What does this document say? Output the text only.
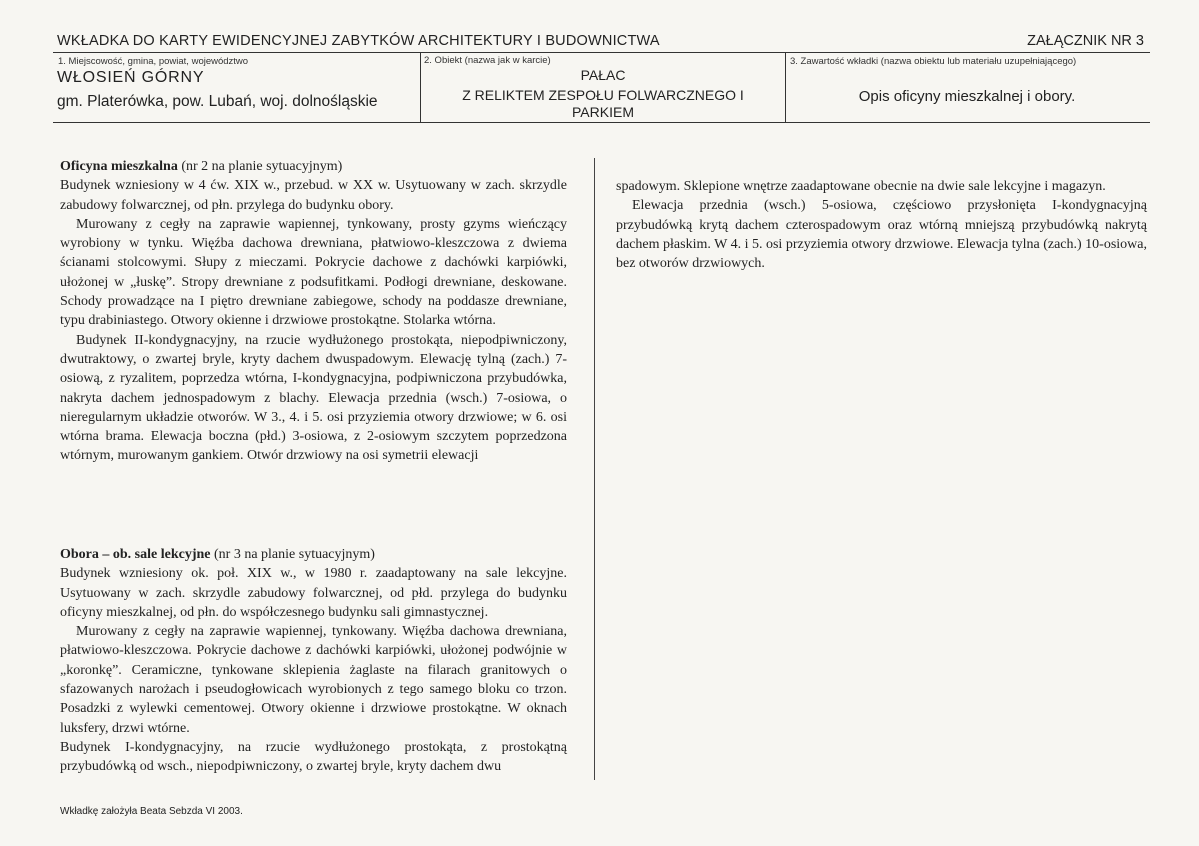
WKŁADKA DO KARTY EWIDENCYJNEJ ZABYTKÓW ARCHITEKTURY I BUDOWNICTWA	ZAŁĄCZNIK NR 3
1. Miejscowość, gmina, powiat, województwo
WŁOSIEŃ GÓRNY
gm. Platerówka, pow. Lubań, woj. dolnośląskie
2. Obiekt (nazwa jak w karcie)
PAŁAC
Z RELIKTEM ZESPOŁU FOLWARCZNEGO I
PARKIEM
3. Zawartość wkładki (nazwa obiektu lub materiału uzupełniającego)
Opis oficyny mieszkalnej i obory.

Oficyna mieszkalna (nr 2 na planie sytuacyjnym)

Budynek wzniesiony w 4 ćw. XIX w., przebud. w XX w. Usytuowany w zach. skrzydle zabudowy folwarcznej, od płn. przylega do budynku obory.

Murowany z cegły na zaprawie wapiennej, tynkowany, prosty gzyms wieńczący wyrobiony w tynku. Więźba dachowa drewniana, płatwiowo-kleszczowa z dwiema ścianami stolcowymi. Słupy z mieczami. Pokrycie dachowe z dachówki karpiówki, ułożonej w „łuskę”. Stropy drewniane z podsufitkami. Podłogi drewniane, deskowane. Schody prowadzące na I piętro drewniane zabiegowe, schody na poddasze drewniane, typu drabiniastego. Otwory okienne i drzwiowe prostokątne. Stolarka wtórna.

Budynek II-kondygnacyjny, na rzucie wydłużonego prostokąta, niepodpiwniczony, dwutraktowy, o zwartej bryle, kryty dachem dwuspadowym. Elewację tylną (zach.) 7-osiową, z ryzalitem, poprzedza wtórna, I-kondygnacyjna, podpiwniczona przybudówka, nakryta dachem jednospadowym z blachy. Elewacja przednia (wsch.) 7-osiowa, o nieregularnym układzie otworów. W 3., 4. i 5. osi przyziemia otwory drzwiowe; w 6. osi wtórna brama. Elewacja boczna (płd.) 3-osiowa, z 2-osiowym szczytem poprzedzona wtórnym, murowanym gankiem. Otwór drzwiowy na osi symetrii elewacji

Obora – ob. sale lekcyjne (nr 3 na planie sytuacyjnym)

Budynek wzniesiony ok. poł. XIX w., w 1980 r. zaadaptowany na sale lekcyjne. Usytuowany w zach. skrzydle zabudowy folwarcznej, od płd. przylega do budynku oficyny mieszkalnej, od płn. do współczesnego budynku sali gimnastycznej.

Murowany z cegły na zaprawie wapiennej, tynkowany. Więźba dachowa drewniana, płatwiowo-kleszczowa. Pokrycie dachowe z dachówki karpiówki, ułożonej podwójnie w „koronkę”. Ceramiczne, tynkowane sklepienia żaglaste na filarach granitowych o sfazowanych narożach i pseudogłowicach wyrobionych z tego samego bloku co trzon. Posadzki z wylewki cementowej. Otwory okienne i drzwiowe prostokątne. W oknach luksfery, drzwi wtórne.

Budynek I-kondygnacyjny, na rzucie wydłużonego prostokąta, z prostokątną przybudówką od wsch., niepodpiwniczony, o zwartej bryle, kryty dachem dwu

spadowym. Sklepione wnętrze zaadaptowane obecnie na dwie sale lekcyjne i magazyn.

Elewacja przednia (wsch.) 5-osiowa, częściowo przysłonięta I-kondygnacyjną przybudówką krytą dachem czterospadowym oraz wtórną mniejszą przybudówką nakrytą dachem płaskim. W 4. i 5. osi przyziemia otwory drzwiowe. Elewacja tylna (zach.) 10-osiowa, bez otworów drzwiowych.

Wkładkę założyła Beata Sebzda VI 2003.
